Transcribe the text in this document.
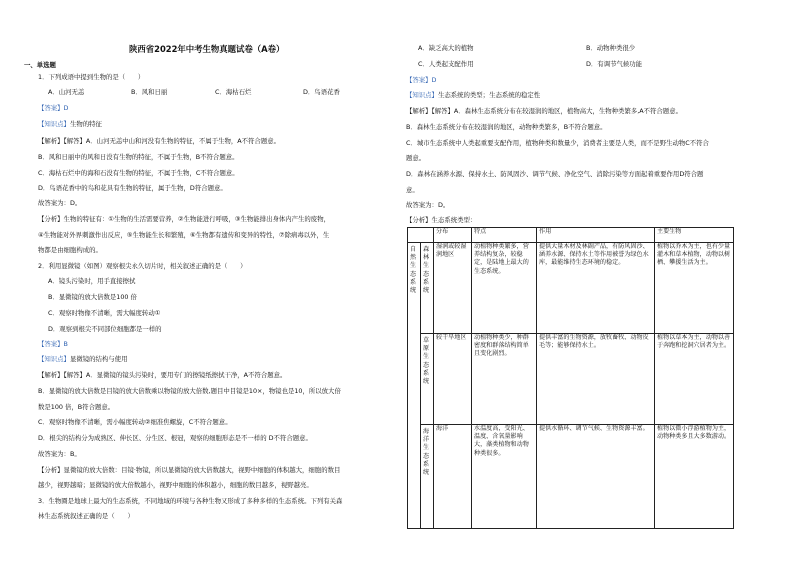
陕西省2022年中考生物真题试卷（A卷）
一、单选题
1．下列成语中提到生物的是（　　）
A．山河无恙	B．风和日丽	C．海枯石烂	D．鸟语花香
【答案】D
【知识点】生物的特征
【解析】【解答】A．山河无恙中山和河没有生物的特征，不属于生物，A不符合题意。
B．风和日丽中的风和日没有生物的特征，不属于生物，B不符合题意。
C．海枯石烂中的海和石没有生物的特征，不属于生物，C不符合题意。
D．鸟语花香中的鸟和花具有生物的特征，属于生物，D符合题意。
故答案为：D。
【分析】生物的特征有：①生物的生活需要营养，②生物能进行呼吸，③生物能排出身体内产生的废物，
④生物能对外界刺激作出反应，⑤生物能生长和繁殖，⑥生物都有遗传和变异的特性，⑦除病毒以外，生
物都是由细胞构成的。
2．利用显微镜（如图）观察根尖永久切片时，相关叙述正确的是（　　）
A．镜头污染时，用手直接擦拭
B．显微镜的放大倍数是100 倍
C．观察时物像不清晰，需大幅度转动①
D．观察到根尖不同部位细胞都是一样的
【答案】B
【知识点】显微镜的结构与使用
【解析】【解答】A．显微镜的镜头污染时，要用专门的擦镜纸擦拭干净，A不符合题意。
B．显微镜的放大倍数是目镜的放大倍数乘以物镜的放大倍数,题目中目镜是10×，物镜也是10，所以放大倍
数是100 倍，B符合题意。
C．观察时物像不清晰，需小幅度转动②细准焦螺旋，C不符合题意。
D．根尖的结构分为成熟区、伸长区、分生区、根冠，观察的细胞形态是不一样的 D不符合题意。
故答案为：B。
【分析】显微镜的放大倍数：目镜·物镜，所以显微镜的放大倍数越大，视野中细胞的体积越大，细胞的数目
越少，视野越暗；显微镜的放大倍数越小，视野中细胞的体积越小，细胞的数目越多，视野越亮。
3．生物圈是地球上最大的生态系统，不同地域的环境与各种生物又形成了多种多样的生态系统。下列有关森
林生态系统叙述正确的是（　　）
A．缺乏高大的植物	B．动物种类很少
C．人类起支配作用	D．有调节气候功能
【答案】D
【知识点】生态系统的类型；生态系统的稳定性
【解析】【解答】A．森林生态系统分布在较湿润的地区，植物高大，生物种类繁多,A不符合题意。
B．森林生态系统分布在较湿润的地区，动物种类繁多，B不符合题意。
C．城市生态系统中人类起重要支配作用，植物种类和数量少，消费者主要是人类，而不是野生动物C不符合
题意。
D．森林在涵养水源、保持水土、防风固沙、调节气候、净化空气、消除污染等方面起着重要作用D符合题
意。
故答案为：D。
【分析】生态系统类型：
		分布	特点	作用	主要生物
自然生态系统	森林生态系统	湿润或较湿润地区	动植物种类繁多，营养结构复杂，较稳定，是陆地上最大的生态系统。	提供大量木材及林副产品，有防风固沙、涵养水源、保持水土等作用被誉为绿色水库，最能维持生态环境的稳定。	植物以乔木为主，也有少量灌木和草本植物，动物以树栖、攀援生活为主。
	草原生态系统	较干旱地区	动植物种类少，种群密度和群落结构简单且变化剧烈。	提供丰富的生物资源，放牧畜牧、动物皮毛等；能够保持水土。	植物以草本为主，动物以善于奔跑和挖洞穴居者为主。
	海洋生态系统	海洋	水温度高，受阳光、温度、含氧量影响大，藻类植物和动物种类很多。	提供水循环、调节气候、生物资源丰富。	植物以微小浮游植物为主，动物种类多且大多数游动。
